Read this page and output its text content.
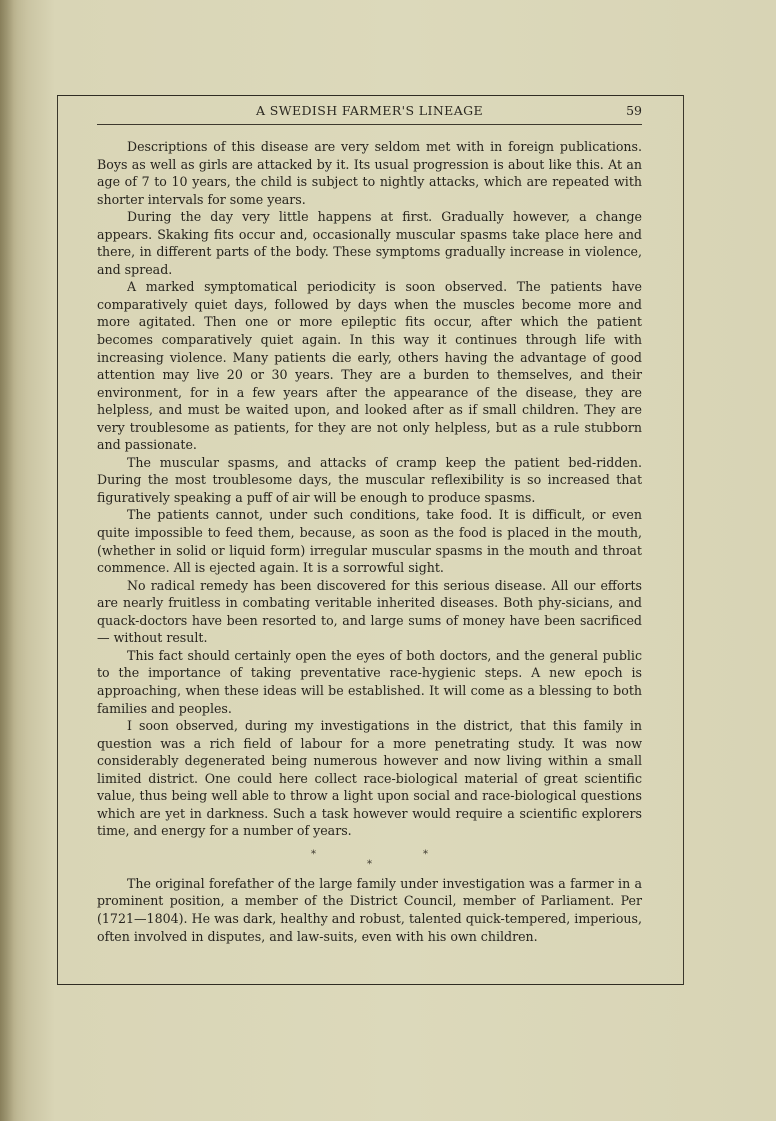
A SWEDISH FARMER'S LINEAGE	59

Descriptions of this disease are very seldom met with in foreign publications. Boys as well as girls are attacked by it. Its usual progression is about like this. At an age of 7 to 10 years, the child is subject to nightly attacks, which are repeated with shorter intervals for some years.

During the day very little happens at first. Gradually however, a change appears. Skaking fits occur and, occasionally muscular spasms take place here and there, in different parts of the body. These symptoms gradually increase in violence, and spread.

A marked symptomatical periodicity is soon observed. The patients have comparatively quiet days, followed by days when the muscles become more and more agitated. Then one or more epileptic fits occur, after which the patient becomes comparatively quiet again. In this way it continues through life with increasing violence. Many patients die early, others having the advantage of good attention may live 20 or 30 years. They are a burden to themselves, and their environment, for in a few years after the appearance of the disease, they are helpless, and must be waited upon, and looked after as if small children. They are very troublesome as patients, for they are not only helpless, but as a rule stubborn and passionate.

The muscular spasms, and attacks of cramp keep the patient bed-ridden. During the most troublesome days, the muscular reflexibility is so increased that figuratively speaking a puff of air will be enough to produce spasms.

The patients cannot, under such conditions, take food. It is difficult, or even quite impossible to feed them, because, as soon as the food is placed in the mouth, (whether in solid or liquid form) irregular muscular spasms in the mouth and throat commence. All is ejected again. It is a sorrowful sight.

No radical remedy has been discovered for this serious disease. All our efforts are nearly fruitless in combating veritable inherited diseases. Both phy-sicians, and quack-doctors have been resorted to, and large sums of money have been sacrificed — without result.

This fact should certainly open the eyes of both doctors, and the general public to the importance of taking preventative race-hygienic steps. A new epoch is approaching, when these ideas will be established. It will come as a blessing to both families and peoples.

I soon observed, during my investigations in the district, that this family in question was a rich field of labour for a more penetrating study. It was now considerably degenerated being numerous however and now living within a small limited district. One could here collect race-biological material of great scientific value, thus being well able to throw a light upon social and race-biological questions which are yet in darkness. Such a task however would require a scientific explorers time, and energy for a number of years.

*	*
*

The original forefather of the large family under investigation was a farmer in a prominent position, a member of the District Council, member of Parliament. Per (1721—1804). He was dark, healthy and robust, talented quick-tempered, imperious, often involved in disputes, and law-suits, even with his own children.
